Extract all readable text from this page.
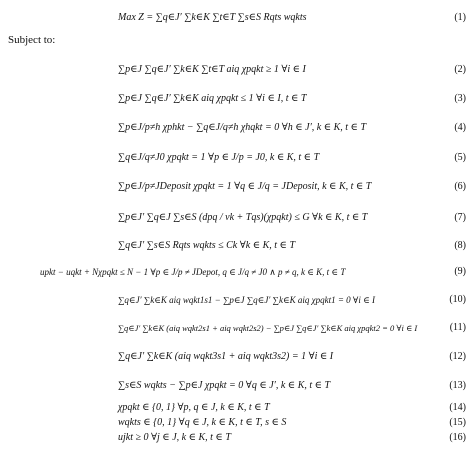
Max Z = ∑q∈J′ ∑k∈K ∑t∈T ∑s∈S Rqts wqkts	(1)
Subject to:
∑p∈J ∑q∈J′ ∑k∈K ∑t∈T aiq χpqkt ≥ 1 ∀i ∈ I	(2)
∑p∈J ∑q∈J′ ∑k∈K aiq χpqkt ≤ 1 ∀i ∈ I, t ∈ T	(3)
∑p∈J/p≠h χphkt − ∑q∈J/q≠h χhqkt = 0 ∀h ∈ J′, k ∈ K, t ∈ T	(4)
∑q∈J/q≠J0 χpqkt = 1 ∀p ∈ J/p = J0, k ∈ K, t ∈ T	(5)
∑p∈J/p≠JDeposit χpqkt = 1 ∀q ∈ J/q = JDeposit, k ∈ K, t ∈ T	(6)
∑p∈J′ ∑q∈J ∑s∈S (dpq / vk + Tqs)(χpqkt) ≤ G ∀k ∈ K, t ∈ T	(7)
∑q∈J′ ∑s∈S Rqts wqkts ≤ Ck ∀k ∈ K, t ∈ T	(8)
upkt − uqkt + Nχpqkt ≤ N − 1 ∀p ∈ J/p ≠ JDepot, q ∈ J/q ≠ J0 ∧ p ≠ q, k ∈ K, t ∈ T	(9)
∑q∈J′ ∑k∈K aiq wqkt1s1 − ∑p∈J ∑q∈J′ ∑k∈K aiq χpqkt1 = 0 ∀i ∈ I	(10)
∑q∈J′ ∑k∈K (aiq wqkt2s1 + aiq wqkt2s2) − ∑p∈J ∑q∈J′ ∑k∈K aiq χpqkt2 = 0 ∀i ∈ I	(11)
∑q∈J′ ∑k∈K (aiq wqkt3s1 + aiq wqkt3s2) = 1 ∀i ∈ I	(12)
∑s∈S wqkts − ∑p∈J χpqkt = 0 ∀q ∈ J′, k ∈ K, t ∈ T	(13)
χpqkt ∈ {0, 1} ∀p, q ∈ J, k ∈ K, t ∈ T	(14)
wqkts ∈ {0, 1} ∀q ∈ J, k ∈ K, t ∈ T, s ∈ S	(15)
ujkt ≥ 0 ∀j ∈ J, k ∈ K, t ∈ T	(16)
